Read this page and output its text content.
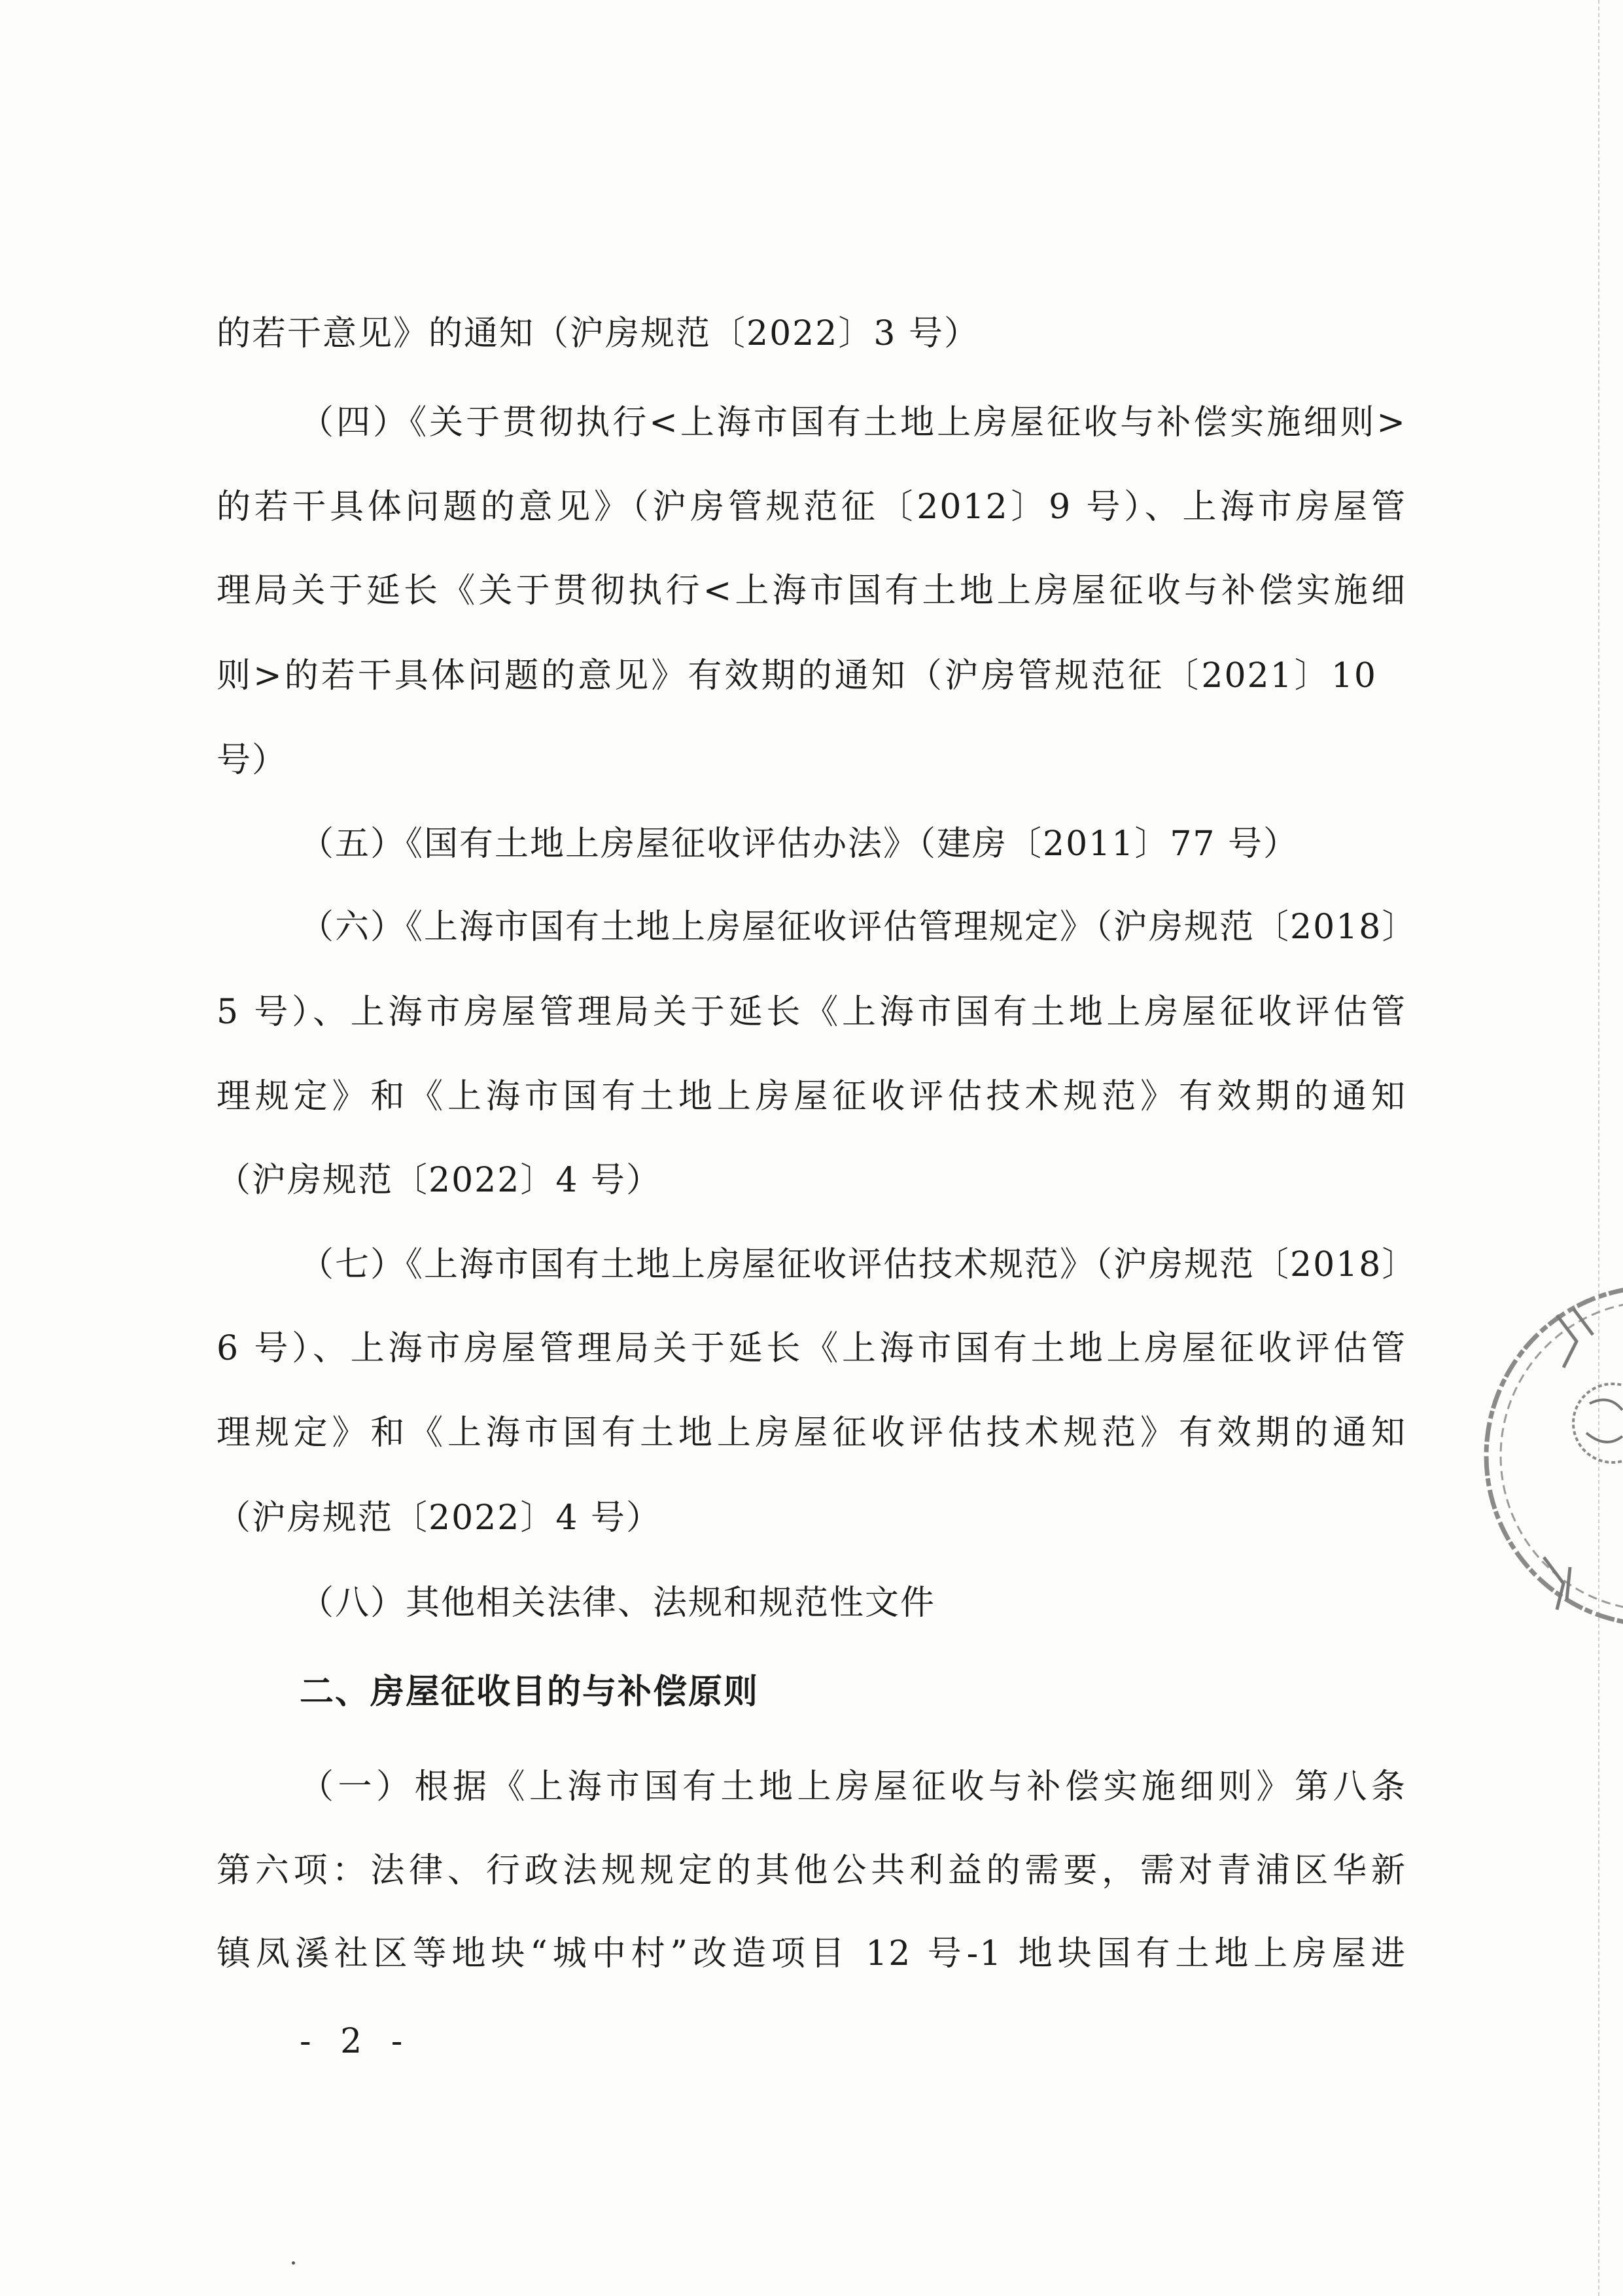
的若干意见》的通知（沪房规范〔2022〕3 号）
（四）《关于贯彻执行<上海市国有土地上房屋征收与补偿实施细则>
的若干具体问题的意见》（沪房管规范征〔2012〕9 号）、上海市房屋管
理局关于延长《关于贯彻执行<上海市国有土地上房屋征收与补偿实施细
则>的若干具体问题的意见》有效期的通知（沪房管规范征〔2021〕10
号）
（五）《国有土地上房屋征收评估办法》（建房〔2011〕77 号）
（六）《上海市国有土地上房屋征收评估管理规定》（沪房规范〔2018〕
5 号）、上海市房屋管理局关于延长《上海市国有土地上房屋征收评估管
理规定》和《上海市国有土地上房屋征收评估技术规范》有效期的通知
（沪房规范〔2022〕4 号）
（七）《上海市国有土地上房屋征收评估技术规范》（沪房规范〔2018〕
6 号）、上海市房屋管理局关于延长《上海市国有土地上房屋征收评估管
理规定》和《上海市国有土地上房屋征收评估技术规范》有效期的通知
（沪房规范〔2022〕4 号）
（八）其他相关法律、法规和规范性文件
二、房屋征收目的与补偿原则
（一）根据《上海市国有土地上房屋征收与补偿实施细则》第八条
第六项：法律、行政法规规定的其他公共利益的需要，需对青浦区华新
镇凤溪社区等地块“城中村”改造项目 12 号-1 地块国有土地上房屋进
- 2 -
